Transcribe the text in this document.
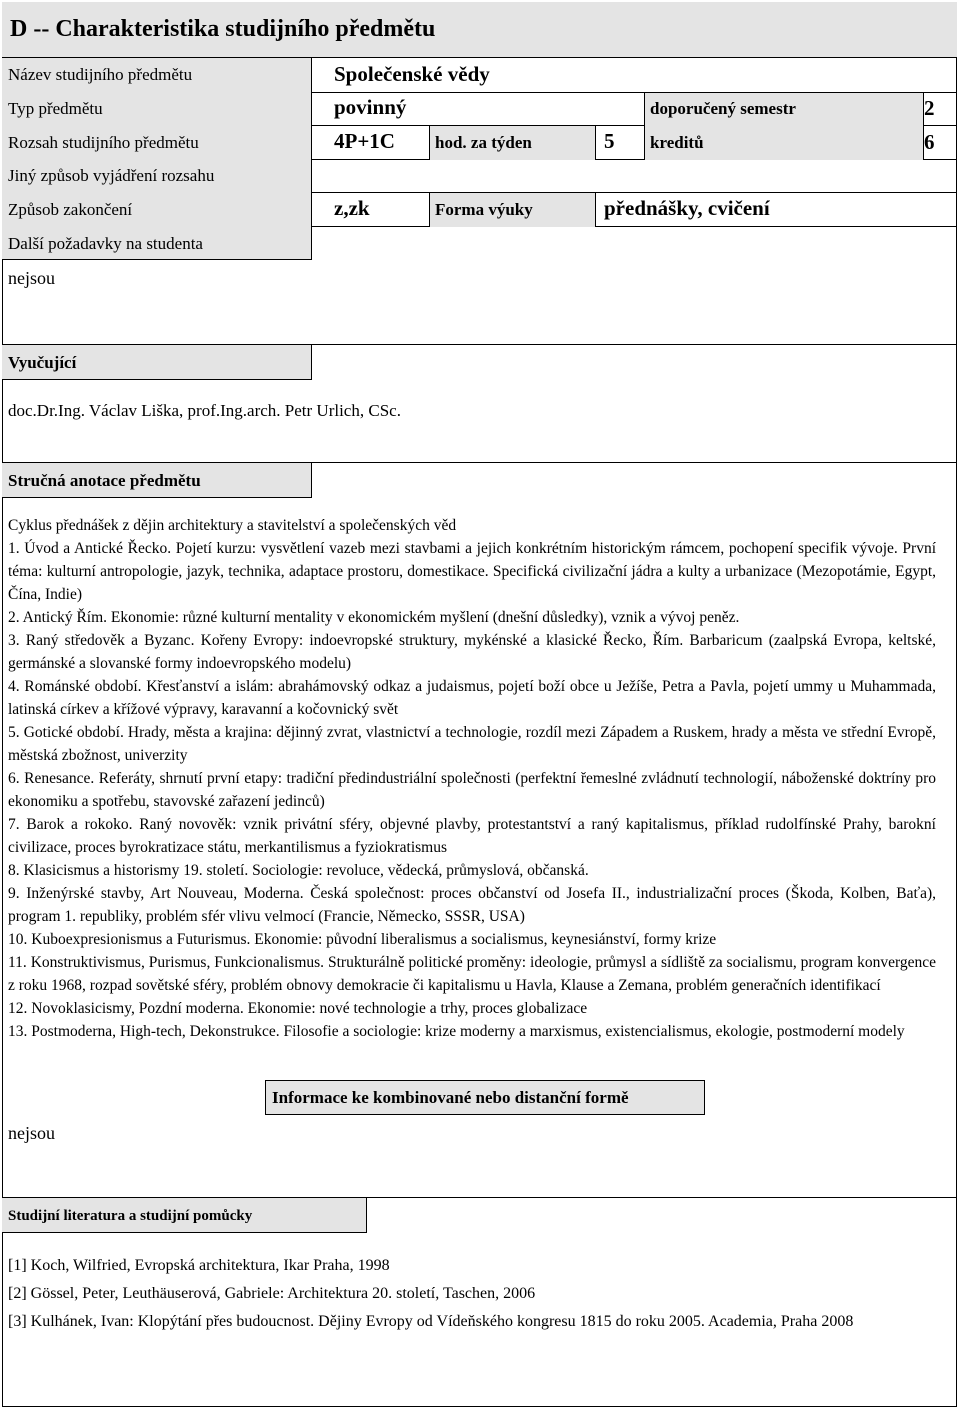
D -- Charakteristika studijního předmětu
Název studijního předmětu	Společenské vědy
Typ předmětu	povinný	doporučený semestr	2
Rozsah studijního předmětu	4P+1C hod. za týden	5 kreditů	6
Jiný způsob vyjádření rozsahu
Způsob zakončení	z,zk	Forma výuky	přednášky, cvičení
Další požadavky na studenta
nejsou
Vyučující
doc.Dr.Ing. Václav Liška, prof.Ing.arch. Petr Urlich, CSc.
Stručná anotace předmětu

Cyklus přednášek z dějin architektury a stavitelství a společenských věd

1. Úvod a Antické Řecko. Pojetí kurzu: vysvětlení vazeb mezi stavbami a jejich konkrétním historickým rámcem, pochopení specifik vývoje. První téma: kulturní antropologie, jazyk, technika, adaptace prostoru, domestikace. Specifická civilizační jádra a kulty a urbanizace (Mezopotámie, Egypt, Čína, Indie)

2. Antický Řím. Ekonomie: různé kulturní mentality v ekonomickém myšlení (dnešní důsledky), vznik a vývoj peněz.

3. Raný středověk a Byzanc. Kořeny Evropy: indoevropské struktury, mykénské a klasické Řecko, Řím. Barbaricum (zaalpská Evropa, keltské, germánské a slovanské formy indoevropského modelu)

4. Románské období. Křesťanství a islám: abrahámovský odkaz a judaismus, pojetí boží obce u Ježíše, Petra a Pavla, pojetí ummy u Muhammada, latinská církev a křížové výpravy, karavanní a kočovnický svět

5. Gotické období. Hrady, města a krajina: dějinný zvrat, vlastnictví a technologie, rozdíl mezi Západem a Ruskem, hrady a města ve střední Evropě, městská zbožnost, univerzity

6. Renesance. Referáty, shrnutí první etapy: tradiční předindustriální společnosti (perfektní řemeslné zvládnutí technologií, náboženské doktríny pro ekonomiku a spotřebu, stavovské zařazení jedinců)

7. Barok a rokoko. Raný novověk: vznik privátní sféry, objevné plavby, protestantství a raný kapitalismus, příklad rudolfínské Prahy, barokní civilizace, proces byrokratizace státu, merkantilismus a fyziokratismus

8. Klasicismus a historismy 19. století. Sociologie: revoluce, vědecká, průmyslová, občanská.

9. Inženýrské stavby, Art Nouveau, Moderna. Česká společnost: proces občanství od Josefa II., industrializační proces (Škoda, Kolben, Baťa), program 1. republiky, problém sfér vlivu velmocí (Francie, Německo, SSSR, USA)

10. Kuboexpresionismus a Futurismus. Ekonomie: původní liberalismus a socialismus, keynesiánství, formy krize

11. Konstruktivismus, Purismus, Funkcionalismus. Strukturálně politické proměny: ideologie, průmysl a sídliště za socialismu, program konvergence z roku 1968, rozpad sovětské sféry, problém obnovy demokracie či kapitalismu u Havla, Klause a Zemana, problém generačních identifikací

12. Novoklasicismy, Pozdní moderna. Ekonomie: nové technologie a trhy, proces globalizace

13. Postmoderna, High-tech, Dekonstrukce. Filosofie a sociologie: krize moderny a marxismus, existencialismus, ekologie, postmoderní modely

Informace ke kombinované nebo distanční formě
nejsou
Studijní literatura a studijní pomůcky

[1] Koch, Wilfried, Evropská architektura, Ikar Praha, 1998

[2] Gössel, Peter, Leuthäuserová, Gabriele: Architektura 20. století, Taschen, 2006

[3] Kulhánek, Ivan: Klopýtání přes budoucnost. Dějiny Evropy od Vídeňského kongresu 1815 do roku 2005. Academia, Praha 2008
